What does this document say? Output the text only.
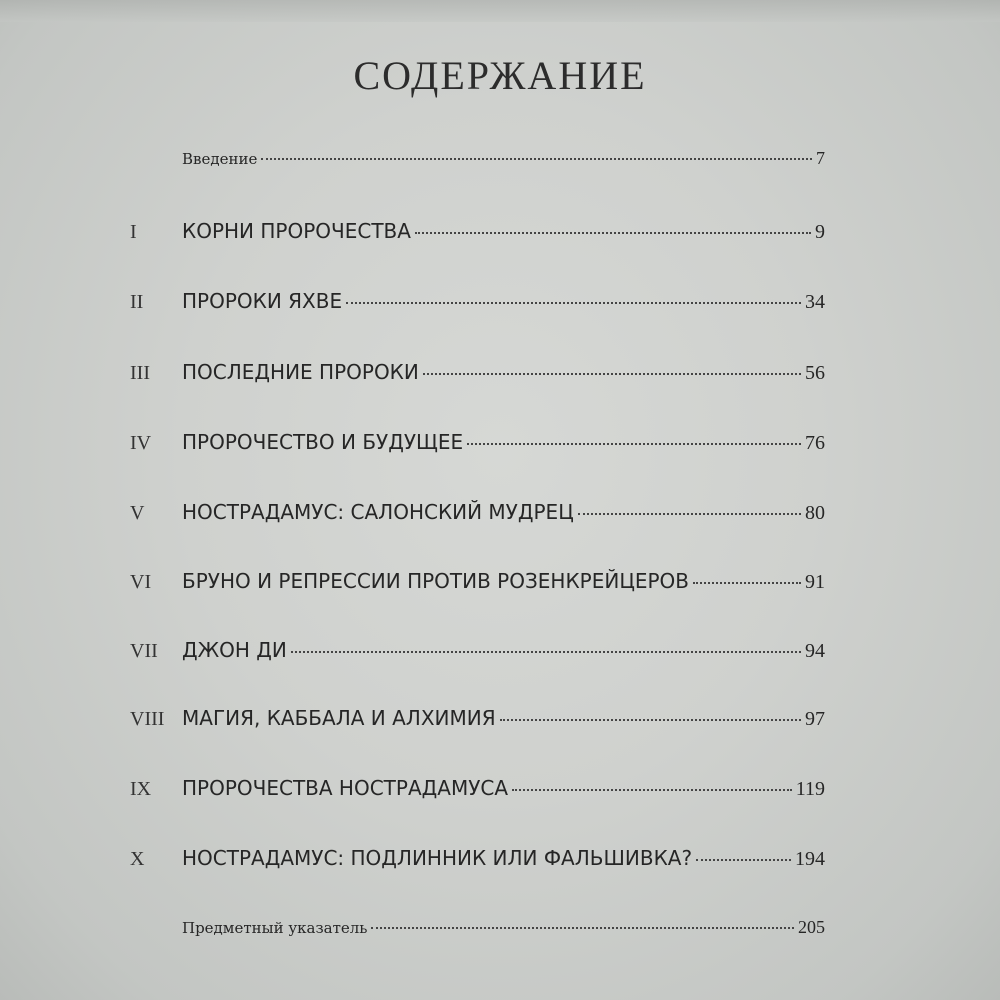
СОДЕРЖАНИЕ
Введение	7
I	КОРНИ ПРОРОЧЕСТВА	9
II	ПРОРОКИ ЯХВЕ	34
III	ПОСЛЕДНИЕ ПРОРОКИ	56
IV	ПРОРОЧЕСТВО И БУДУЩЕЕ	76
V	НОСТРАДАМУС: САЛОНСКИЙ МУДРЕЦ	80
VI	БРУНО И РЕПРЕССИИ ПРОТИВ РОЗЕНКРЕЙЦЕРОВ	91
VII	ДЖОН ДИ	94
VIII МАГИЯ, КАББАЛА И АЛХИМИЯ	97
IX	ПРОРОЧЕСТВА НОСТРАДАМУСА	119
X	НОСТРАДАМУС: ПОДЛИННИК ИЛИ ФАЛЬШИВКА?	194
Предметный указатель	205
